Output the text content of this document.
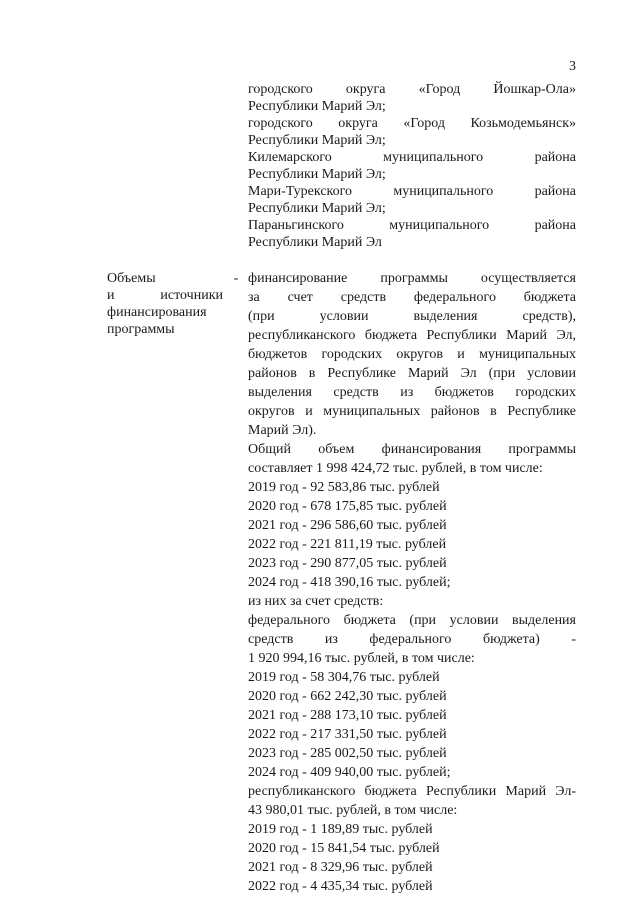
3
городского округа «Город Йошкар-Ола»
Республики Марий Эл;
городского округа «Город Козьмодемьянск»
Республики Марий Эл;
Килемарского муниципального района
Республики Марий Эл;
Мари-Турекского муниципального района
Республики Марий Эл;
Параньгинского муниципального района
Республики Марий Эл
Объемы
и источники
финансирования
программы
- финансирование программы осуществляется
за счет средств федерального бюджета
(при условии выделения средств),
республиканского бюджета Республики Марий Эл,
бюджетов городских округов и муниципальных
районов в Республике Марий Эл (при условии
выделения средств из бюджетов городских
округов и муниципальных районов в Республике
Марий Эл).
Общий объем финансирования программы
составляет 1 998 424,72 тыс. рублей, в том числе:
2019 год - 92 583,86 тыс. рублей
2020 год - 678 175,85 тыс. рублей
2021 год - 296 586,60 тыс. рублей
2022 год - 221 811,19 тыс. рублей
2023 год - 290 877,05 тыс. рублей
2024 год - 418 390,16 тыс. рублей;
из них за счет средств:
федерального бюджета (при условии выделения
средств из федерального бюджета) -
1 920 994,16 тыс. рублей, в том числе:
2019 год - 58 304,76 тыс. рублей
2020 год - 662 242,30 тыс. рублей
2021 год - 288 173,10 тыс. рублей
2022 год - 217 331,50 тыс. рублей
2023 год - 285 002,50 тыс. рублей
2024 год - 409 940,00 тыс. рублей;
республиканского бюджета Республики Марий Эл-
43 980,01 тыс. рублей, в том числе:
2019 год - 1 189,89 тыс. рублей
2020 год - 15 841,54 тыс. рублей
2021 год - 8 329,96 тыс. рублей
2022 год - 4 435,34 тыс. рублей
